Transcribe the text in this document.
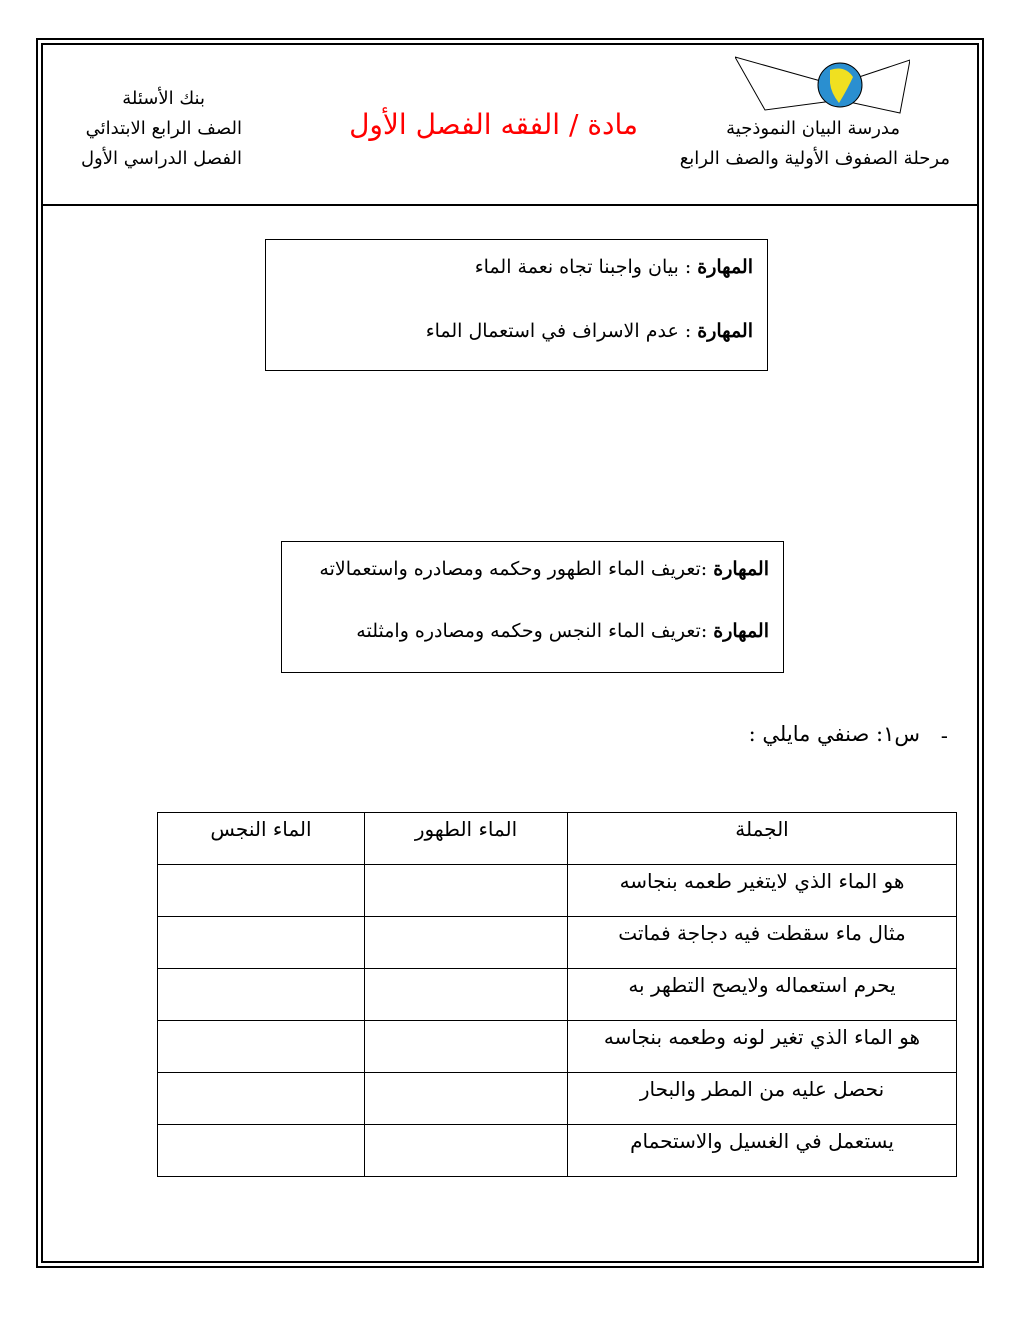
مدرسة البيان النموذجية
مرحلة الصفوف الأولية والصف الرابع
مادة / الفقه الفصل الأول
بنك الأسئلة
الصف الرابع الابتدائي
الفصل الدراسي الأول
المهارة : بيان واجبنا تجاه نعمة الماء
المهارة : عدم الاسراف في استعمال الماء
المهارة :تعريف الماء الطهور وحكمه ومصادره واستعمالاته
المهارة :تعريف الماء النجس وحكمه ومصادره وامثلته
-
س١: صنفي مايلي :
الجملة	الماء الطهور	الماء النجس
هو الماء الذي لايتغير طعمه بنجاسه		
مثال ماء سقطت فيه دجاجة فماتت		
يحرم استعماله ولايصح التطهر به		
هو الماء الذي تغير لونه وطعمه بنجاسه		
نحصل عليه من المطر والبحار		
يستعمل في الغسيل والاستحمام		
